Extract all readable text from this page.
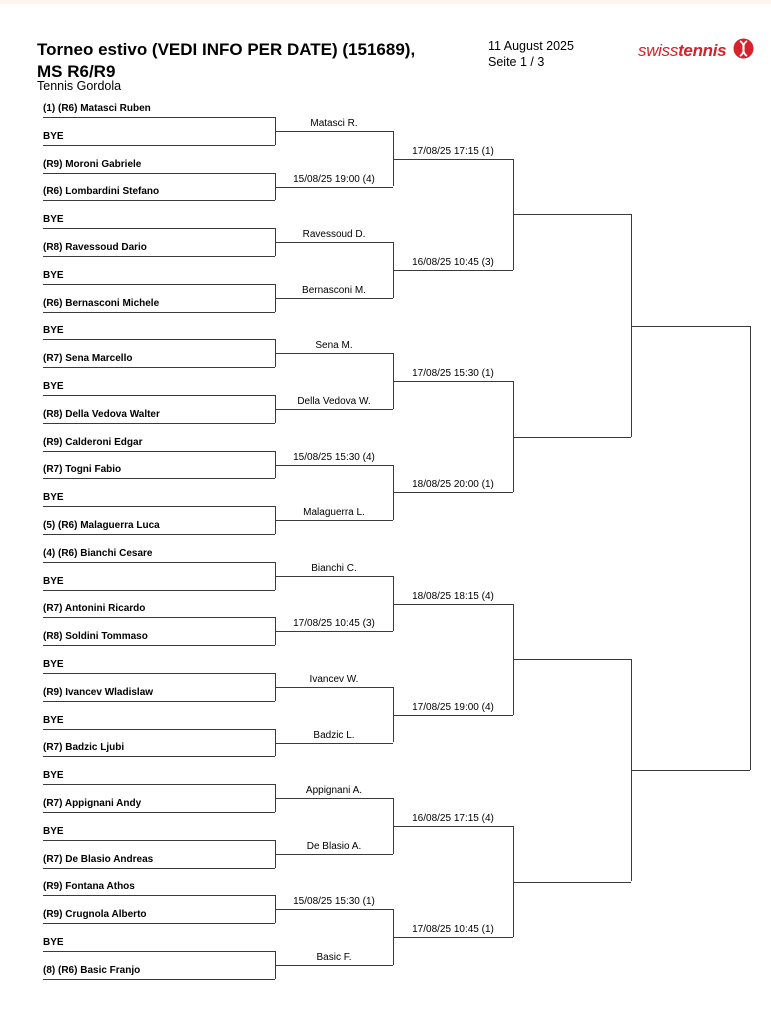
Torneo estivo (VEDI INFO PER DATE) (151689),
MS R6/R9
Tennis Gordola
11 August 2025
Seite 1 / 3
swisstennis
(1) (R6) Matasci Ruben
BYE
(R9) Moroni Gabriele
(R6) Lombardini Stefano
BYE
(R8) Ravessoud Dario
BYE
(R6) Bernasconi Michele
BYE
(R7) Sena Marcello
BYE
(R8) Della Vedova Walter
(R9) Calderoni Edgar
(R7) Togni Fabio
BYE
(5) (R6) Malaguerra Luca
(4) (R6) Bianchi Cesare
BYE
(R7) Antonini Ricardo
(R8) Soldini Tommaso
BYE
(R9) Ivancev Wladislaw
BYE
(R7) Badzic Ljubi
BYE
(R7) Appignani Andy
BYE
(R7) De Blasio Andreas
(R9) Fontana Athos
(R9) Crugnola Alberto
BYE
(8) (R6) Basic Franjo
Matasci R.
15/08/25 19:00 (4)
Ravessoud D.
Bernasconi M.
Sena M.
Della Vedova W.
15/08/25 15:30 (4)
Malaguerra L.
Bianchi C.
17/08/25 10:45 (3)
Ivancev W.
Badzic L.
Appignani A.
De Blasio A.
15/08/25 15:30 (1)
Basic F.
17/08/25 17:15 (1)
16/08/25 10:45 (3)
17/08/25 15:30 (1)
18/08/25 20:00 (1)
18/08/25 18:15 (4)
17/08/25 19:00 (4)
16/08/25 17:15 (4)
17/08/25 10:45 (1)
